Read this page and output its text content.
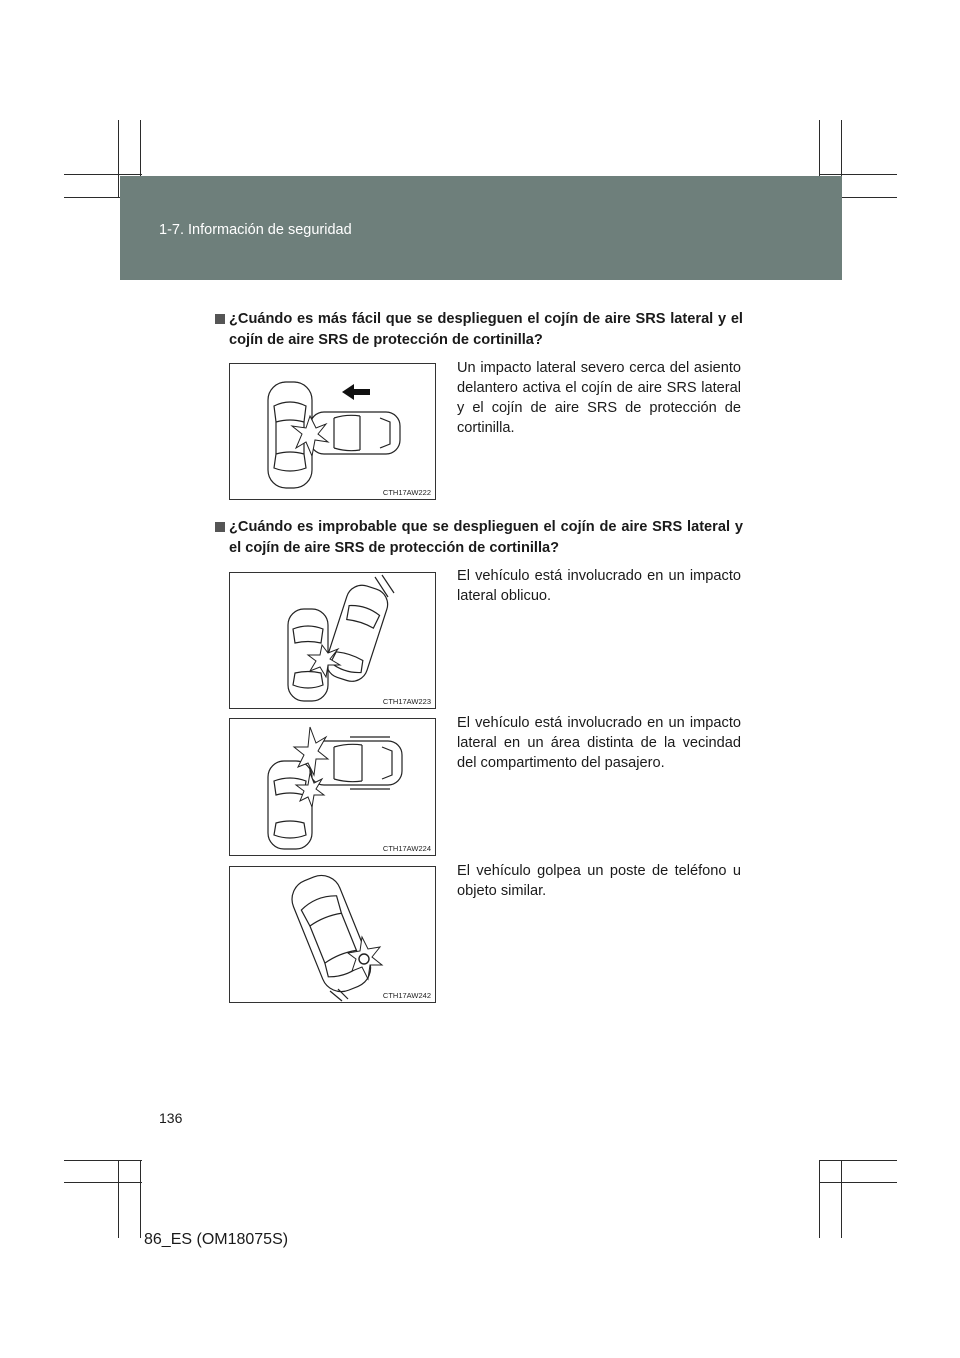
1-7. Información de seguridad
¿Cuándo es más fácil que se desplieguen el cojín de aire SRS lateral y el cojín de aire SRS de protección de cortinilla?
CTH17AW222
Un impacto lateral severo cerca del asiento delantero activa el cojín de aire SRS lateral y el cojín de aire SRS de protección de cortinilla.
¿Cuándo es improbable que se desplieguen el cojín de aire SRS lateral y el cojín de aire SRS de protección de cortinilla?
CTH17AW223
El vehículo está involucrado en un impacto lateral oblicuo.
CTH17AW224
El vehículo está involucrado en un impacto lateral en un área distinta de la vecindad del compartimento del pasajero.
CTH17AW242
El vehículo golpea un poste de teléfono u objeto similar.
136
86_ES (OM18075S)
